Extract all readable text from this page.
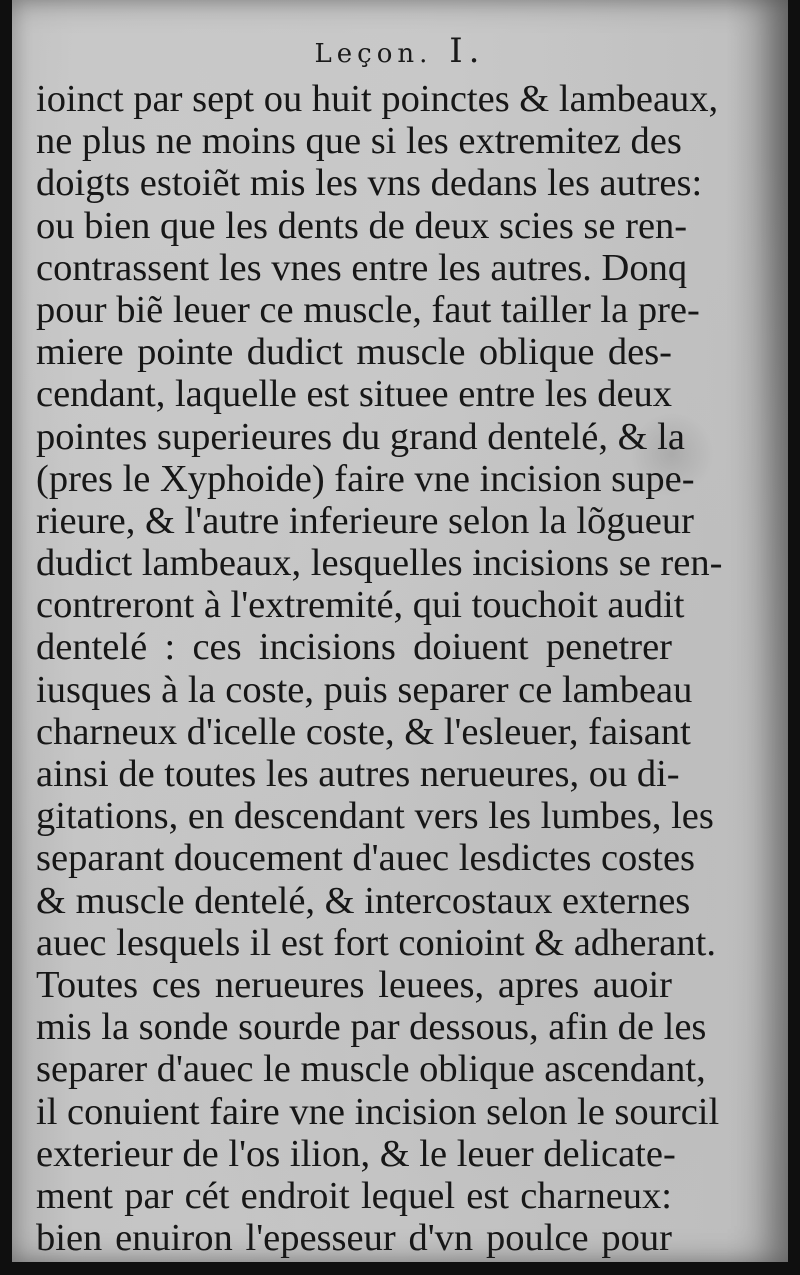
Leçon. I.
ioinct par sept ou huit poinctes & lambeaux,
ne plus ne moins que si les extremitez des
doigts estoiẽt mis les vns dedans les autres:
ou bien que les dents de deux scies se ren-
contrassent les vnes entre les autres. Donq
pour biẽ leuer ce muscle, faut tailler la pre-
miere pointe dudict muscle oblique des-
cendant, laquelle est situee entre les deux
pointes superieures du grand dentelé, & la
(pres le Xyphoide) faire vne incision supe-
rieure, & l'autre inferieure selon la lõgueur
dudict lambeaux, lesquelles incisions se ren-
contreront à l'extremité, qui touchoit audit
dentelé : ces incisions doiuent penetrer
iusques à la coste, puis separer ce lambeau
charneux d'icelle coste, & l'esleuer, faisant
ainsi de toutes les autres nerueures, ou di-
gitations, en descendant vers les lumbes, les
separant doucement d'auec lesdictes costes
& muscle dentelé, & intercostaux externes
auec lesquels il est fort conioint & adherant.
Toutes ces nerueures leuees, apres auoir
mis la sonde sourde par dessous, afin de les
separer d'auec le muscle oblique ascendant,
il conuient faire vne incision selon le sourcil
exterieur de l'os ilion, & le leuer delicate-
ment par cét endroit lequel est charneux:
bien enuiron l'epesseur d'vn poulce pour
